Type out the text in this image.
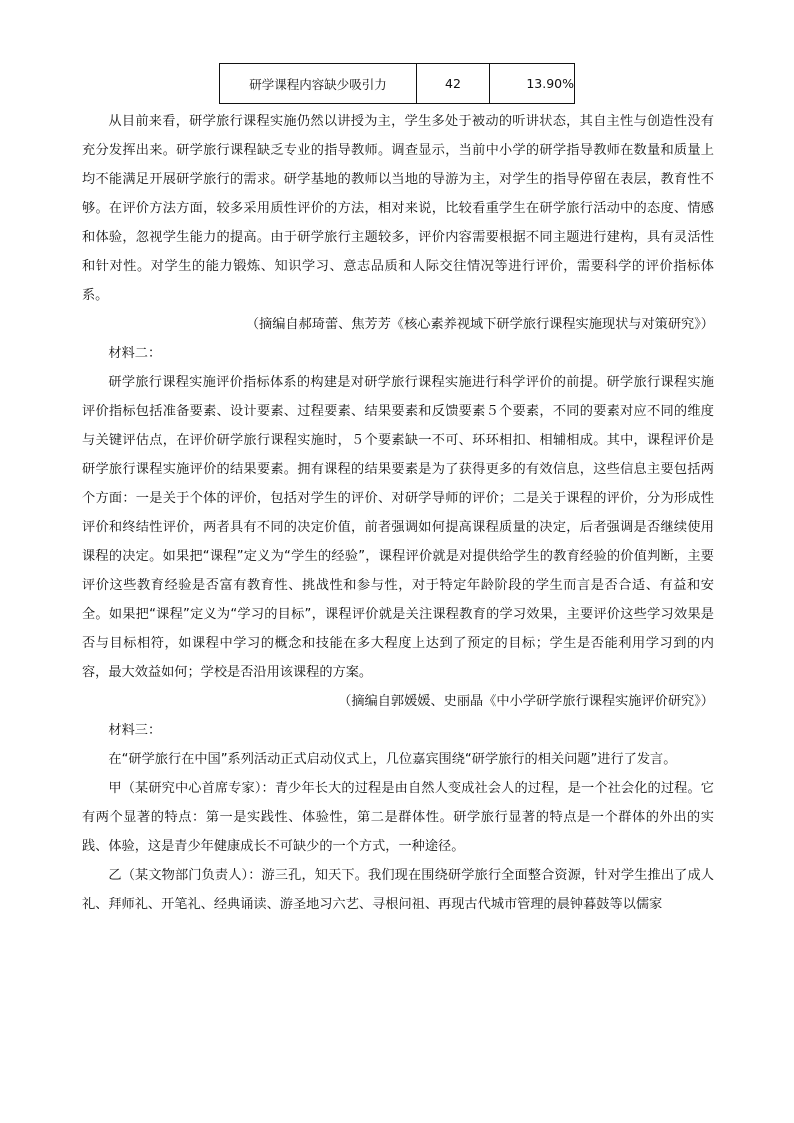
研学课程内容缺少吸引力	42	13.90%

从目前来看，研学旅行课程实施仍然以讲授为主，学生多处于被动的听讲状态，其自主性与创造性没有充分发挥出来。研学旅行课程缺乏专业的指导教师。调查显示，当前中小学的研学指导教师在数量和质量上均不能满足开展研学旅行的需求。研学基地的教师以当地的导游为主，对学生的指导停留在表层，教育性不够。在评价方法方面，较多采用质性评价的方法，相对来说，比较看重学生在研学旅行活动中的态度、情感和体验，忽视学生能力的提高。由于研学旅行主题较多，评价内容需要根据不同主题进行建构，具有灵活性和针对性。对学生的能力锻炼、知识学习、意志品质和人际交往情况等进行评价，需要科学的评价指标体系。

（摘编自郝琦蕾、焦芳芳《核心素养视域下研学旅行课程实施现状与对策研究》）

材料二：

研学旅行课程实施评价指标体系的构建是对研学旅行课程实施进行科学评价的前提。研学旅行课程实施评价指标包括准备要素、设计要素、过程要素、结果要素和反馈要素５个要素，不同的要素对应不同的维度与关键评估点，在评价研学旅行课程实施时，５个要素缺一不可、环环相扣、相辅相成。其中，课程评价是研学旅行课程实施评价的结果要素。拥有课程的结果要素是为了获得更多的有效信息，这些信息主要包括两个方面：一是关于个体的评价，包括对学生的评价、对研学导师的评价；二是关于课程的评价，分为形成性评价和终结性评价，两者具有不同的决定价值，前者强调如何提高课程质量的决定，后者强调是否继续使用课程的决定。如果把“课程”定义为“学生的经验”，课程评价就是对提供给学生的教育经验的价值判断，主要评价这些教育经验是否富有教育性、挑战性和参与性，对于特定年龄阶段的学生而言是否合适、有益和安全。如果把“课程”定义为“学习的目标”，课程评价就是关注课程教育的学习效果，主要评价这些学习效果是否与目标相符，如课程中学习的概念和技能在多大程度上达到了预定的目标；学生是否能利用学习到的内容，最大效益如何；学校是否沿用该课程的方案。

（摘编自郭媛媛、史丽晶《中小学研学旅行课程实施评价研究》）

材料三：

在“研学旅行在中国”系列活动正式启动仪式上，几位嘉宾围绕“研学旅行的相关问题”进行了发言。

甲（某研究中心首席专家）：青少年长大的过程是由自然人变成社会人的过程，是一个社会化的过程。它有两个显著的特点：第一是实践性、体验性，第二是群体性。研学旅行显著的特点是一个群体的外出的实践、体验，这是青少年健康成长不可缺少的一个方式，一种途径。

乙（某文物部门负责人）：游三孔，知天下。我们现在围绕研学旅行全面整合资源，针对学生推出了成人礼、拜师礼、开笔礼、经典诵读、游圣地习六艺、寻根问祖、再现古代城市管理的晨钟暮鼓等以儒家
